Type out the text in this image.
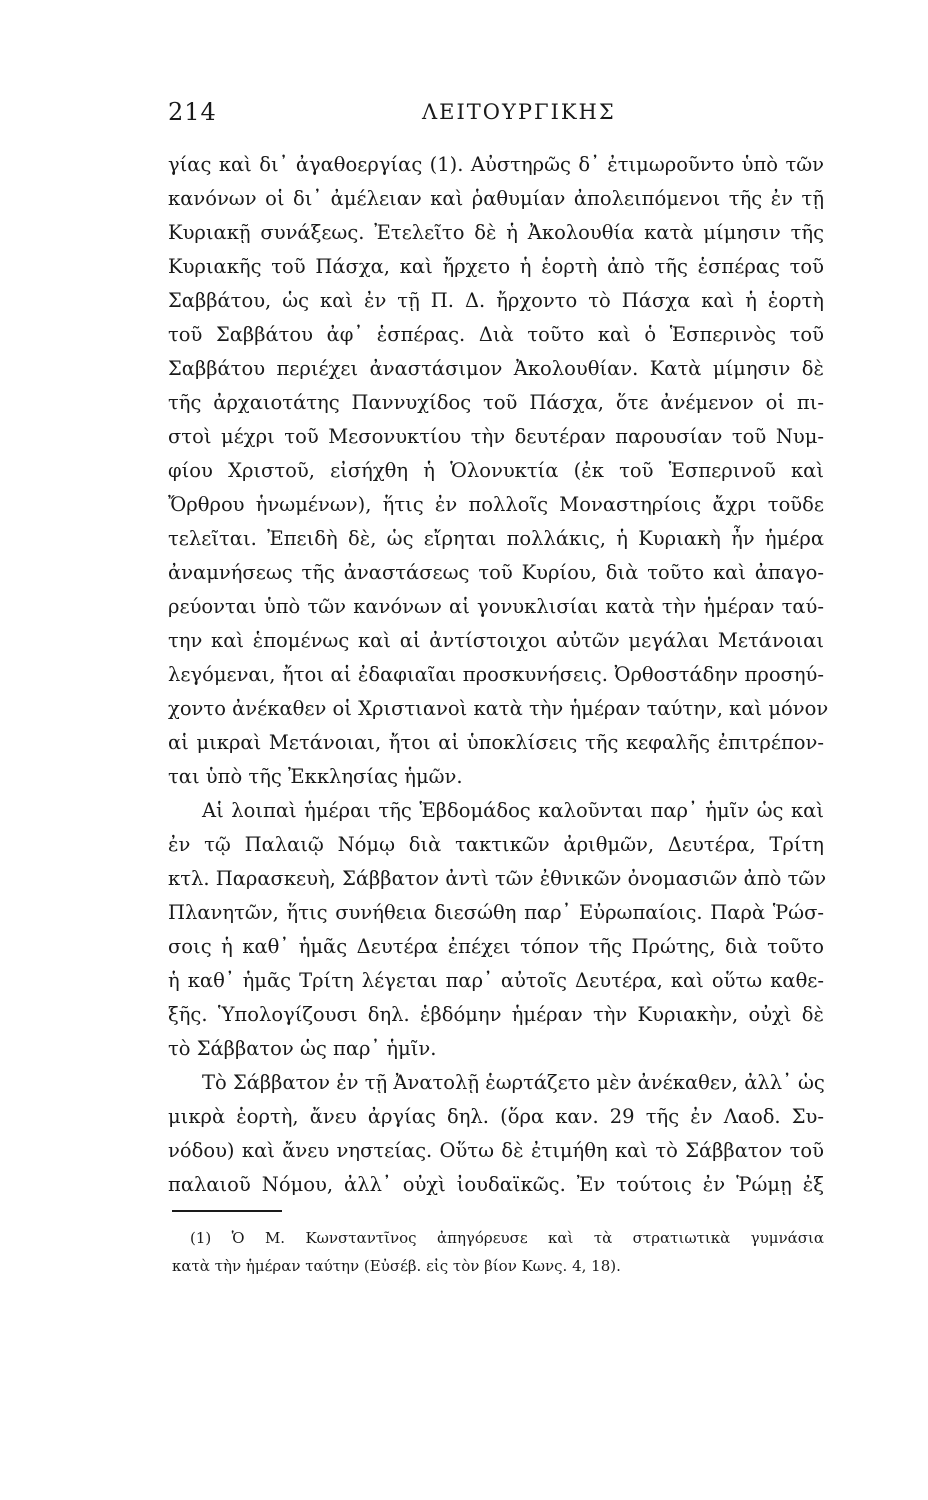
214	ΛΕΙΤΟΥΡΓΙΚΗΣ
γίας καὶ δι᾿ ἀγαθοεργίας (1). Αὐστηρῶς δ᾿ ἐτιμωροῦντο ὑπὸ τῶν
κανόνων οἱ δι᾿ ἀμέλειαν καὶ ῥαθυμίαν ἀπολειπόμενοι τῆς ἐν τῇ
Κυριακῇ συνάξεως. Ἐτελεῖτο δὲ ἡ Ἀκολουθία κατὰ μίμησιν τῆς
Κυριακῆς τοῦ Πάσχα, καὶ ἤρχετο ἡ ἑορτὴ ἀπὸ τῆς ἑσπέρας τοῦ
Σαββάτου, ὡς καὶ ἐν τῇ Π. Δ. ἤρχοντο τὸ Πάσχα καὶ ἡ ἑορτὴ
τοῦ Σαββάτου ἀφ᾿ ἑσπέρας. Διὰ τοῦτο καὶ ὁ Ἑσπερινὸς τοῦ
Σαββάτου περιέχει ἀναστάσιμον Ἀκολουθίαν. Κατὰ μίμησιν δὲ
τῆς ἀρχαιοτάτης Παννυχίδος τοῦ Πάσχα, ὅτε ἀνέμενον οἱ πι-
στοὶ μέχρι τοῦ Μεσονυκτίου τὴν δευτέραν παρουσίαν τοῦ Νυμ-
φίου Χριστοῦ, εἰσήχθη ἡ Ὁλονυκτία (ἐκ τοῦ Ἑσπερινοῦ καὶ
Ὄρθρου ἡνωμένων), ἥτις ἐν πολλοῖς Μοναστηρίοις ἄχρι τοῦδε
τελεῖται. Ἐπειδὴ δὲ, ὡς εἴρηται πολλάκις, ἡ Κυριακὴ ἦν ἡμέρα
ἀναμνήσεως τῆς ἀναστάσεως τοῦ Κυρίου, διὰ τοῦτο καὶ ἀπαγο-
ρεύονται ὑπὸ τῶν κανόνων αἱ γονυκλισίαι κατὰ τὴν ἡμέραν ταύ-
την καὶ ἑπομένως καὶ αἱ ἀντίστοιχοι αὐτῶν μεγάλαι Μετάνοιαι
λεγόμεναι, ἤτοι αἱ ἐδαφιαῖαι προσκυνήσεις. Ὀρθοστάδην προσηύ-
χοντο ἀνέκαθεν οἱ Χριστιανοὶ κατὰ τὴν ἡμέραν ταύτην, καὶ μόνον
αἱ μικραὶ Μετάνοιαι, ἤτοι αἱ ὑποκλίσεις τῆς κεφαλῆς ἐπιτρέπον-
ται ὑπὸ τῆς Ἐκκλησίας ἡμῶν.
Αἱ λοιπαὶ ἡμέραι τῆς Ἑβδομάδος καλοῦνται παρ᾿ ἡμῖν ὡς καὶ
ἐν τῷ Παλαιῷ Νόμῳ διὰ τακτικῶν ἀριθμῶν, Δευτέρα, Τρίτη
κτλ. Παρασκευὴ, Σάββατον ἀντὶ τῶν ἐθνικῶν ὀνομασιῶν ἀπὸ τῶν
Πλανητῶν, ἥτις συνήθεια διεσώθη παρ᾿ Εὐρωπαίοις. Παρὰ Ῥώσ-
σοις ἡ καθ᾿ ἡμᾶς Δευτέρα ἐπέχει τόπον τῆς Πρώτης, διὰ τοῦτο
ἡ καθ᾿ ἡμᾶς Τρίτη λέγεται παρ᾿ αὐτοῖς Δευτέρα, καὶ οὕτω καθε-
ξῆς. Ὑπολογίζουσι δηλ. ἑβδόμην ἡμέραν τὴν Κυριακὴν, οὐχὶ δὲ
τὸ Σάββατον ὡς παρ᾿ ἡμῖν.
Τὸ Σάββατον ἐν τῇ Ἀνατολῇ ἑωρτάζετο μὲν ἀνέκαθεν, ἀλλ᾿ ὡς
μικρὰ ἑορτὴ, ἄνευ ἀργίας δηλ. (ὅρα καν. 29 τῆς ἐν Λαοδ. Συ-
νόδου) καὶ ἄνευ νηστείας. Οὕτω δὲ ἐτιμήθη καὶ τὸ Σάββατον τοῦ
παλαιοῦ Νόμου, ἀλλ᾿ οὐχὶ ἰουδαϊκῶς. Ἐν τούτοις ἐν Ῥώμῃ ἐξ
(1) Ὁ Μ. Κωνσταντῖνος ἀπηγόρευσε καὶ τὰ στρατιωτικὰ γυμνάσια
κατὰ τὴν ἡμέραν ταύτην (Εὐσέβ. εἰς τὸν βίον Κωνς. 4, 18).
